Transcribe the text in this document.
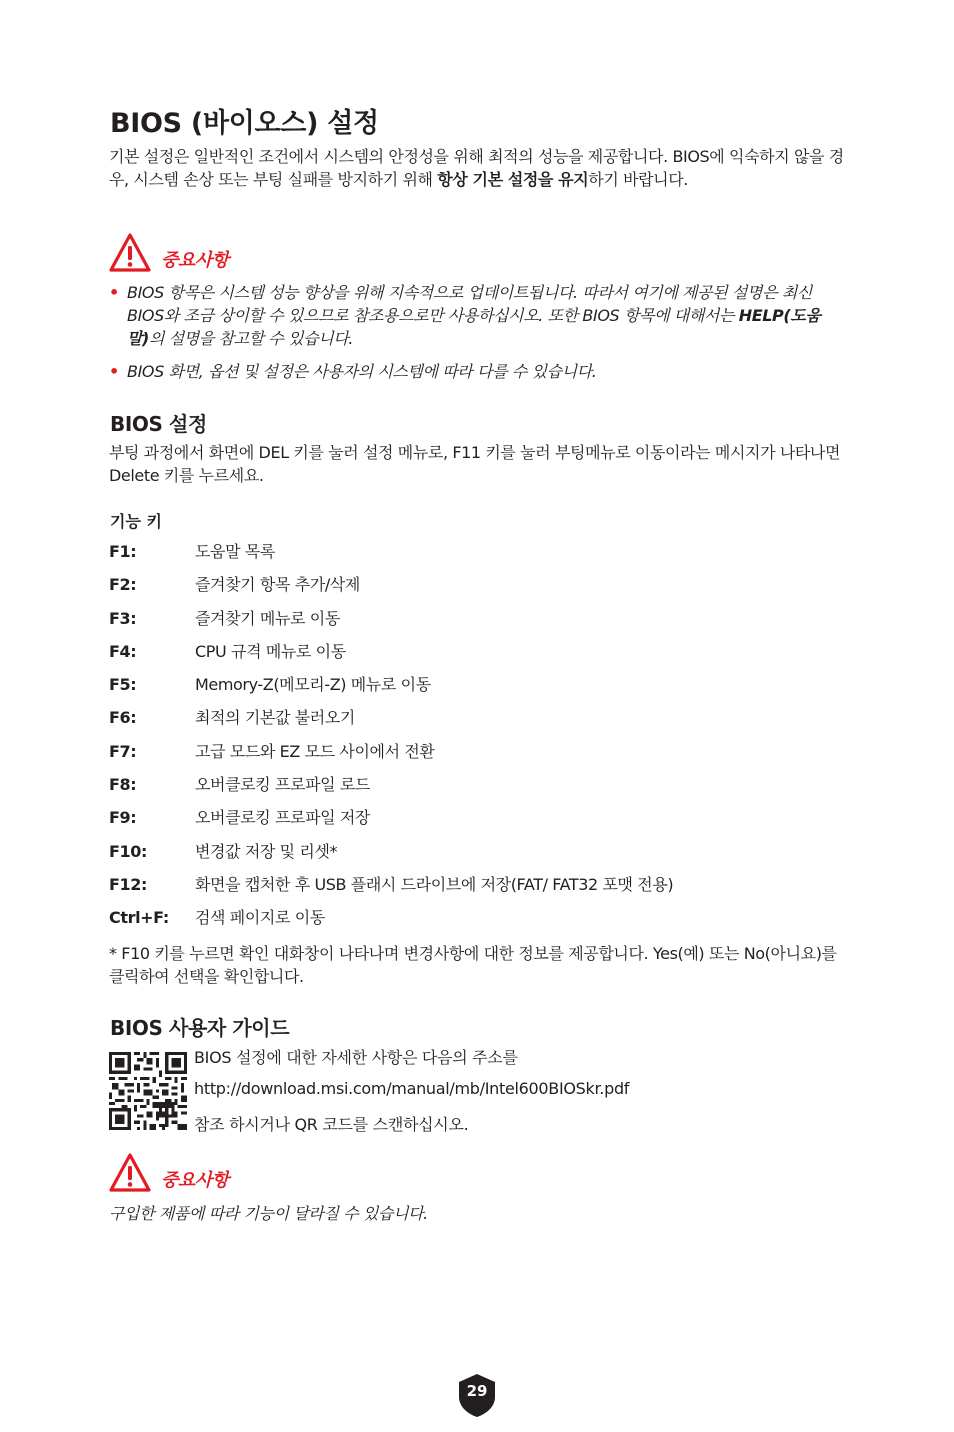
BIOS (바이오스) 설정

기본 설정은 일반적인 조건에서 시스템의 안정성을 위해 최적의 성능을 제공합니다. BIOS에 익숙하지 않을 경우, 시스템 손상 또는 부팅 실패를 방지하기 위해 항상 기본 설정을 유지하기 바랍니다.

중요사항
• BIOS 항목은 시스템 성능 향상을 위해 지속적으로 업데이트됩니다. 따라서 여기에 제공된 설명은 최신 BIOS와 조금 상이할 수 있으므로 참조용으로만 사용하십시오. 또한 BIOS 항목에 대해서는 HELP(도움말)의 설명을 참고할 수 있습니다.
• BIOS 화면, 옵션 및 설정은 사용자의 시스템에 따라 다를 수 있습니다.
BIOS 설정

부팅 과정에서 화면에 DEL 키를 눌러 설정 메뉴로, F11 키를 눌러 부팅메뉴로 이동이라는 메시지가 나타나면 Delete 키를 누르세요.

기능 키
F1:	도움말 목록
F2:	즐겨찾기 항목 추가/삭제
F3:	즐겨찾기 메뉴로 이동
F4:	CPU 규격 메뉴로 이동
F5:	Memory-Z(메모리-Z) 메뉴로 이동
F6:	최적의 기본값 불러오기
F7:	고급 모드와 EZ 모드 사이에서 전환
F8:	오버클로킹 프로파일 로드
F9:	오버클로킹 프로파일 저장
F10:	변경값 저장 및 리셋*
F12:	화면을 캡처한 후 USB 플래시 드라이브에 저장(FAT/ FAT32 포맷 전용)
Ctrl+F:	검색 페이지로 이동

* F10 키를 누르면 확인 대화창이 나타나며 변경사항에 대한 정보를 제공합니다. Yes(예) 또는 No(아니요)를 클릭하여 선택을 확인합니다.

BIOS 사용자 가이드

BIOS 설정에 대한 자세한 사항은 다음의 주소를

http://download.msi.com/manual/mb/Intel600BIOSkr.pdf

참조 하시거나 QR 코드를 스캔하십시오.

중요사항

구입한 제품에 따라 기능이 달라질 수 있습니다.

29
